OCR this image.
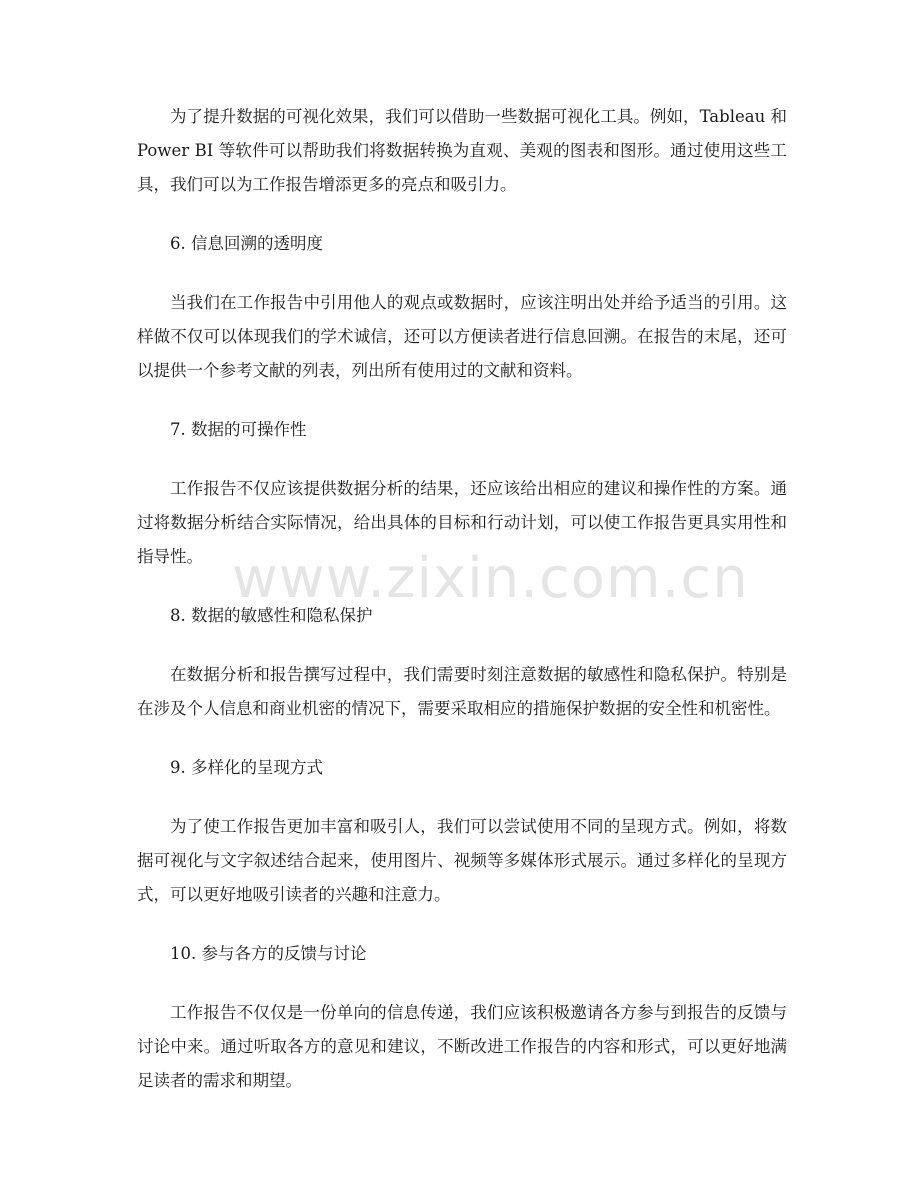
为了提升数据的可视化效果，我们可以借助一些数据可视化工具。例如，Tableau 和 Power BI 等软件可以帮助我们将数据转换为直观、美观的图表和图形。通过使用这些工具，我们可以为工作报告增添更多的亮点和吸引力。

6. 信息回溯的透明度

当我们在工作报告中引用他人的观点或数据时，应该注明出处并给予适当的引用。这样做不仅可以体现我们的学术诚信，还可以方便读者进行信息回溯。在报告的末尾，还可以提供一个参考文献的列表，列出所有使用过的文献和资料。

7. 数据的可操作性

工作报告不仅应该提供数据分析的结果，还应该给出相应的建议和操作性的方案。通过将数据分析结合实际情况，给出具体的目标和行动计划，可以使工作报告更具实用性和指导性。

8. 数据的敏感性和隐私保护

在数据分析和报告撰写过程中，我们需要时刻注意数据的敏感性和隐私保护。特别是在涉及个人信息和商业机密的情况下，需要采取相应的措施保护数据的安全性和机密性。

9. 多样化的呈现方式

为了使工作报告更加丰富和吸引人，我们可以尝试使用不同的呈现方式。例如，将数据可视化与文字叙述结合起来，使用图片、视频等多媒体形式展示。通过多样化的呈现方式，可以更好地吸引读者的兴趣和注意力。

10. 参与各方的反馈与讨论

工作报告不仅仅是一份单向的信息传递，我们应该积极邀请各方参与到报告的反馈与讨论中来。通过听取各方的意见和建议，不断改进工作报告的内容和形式，可以更好地满足读者的需求和期望。

www.zixin.com.cn
